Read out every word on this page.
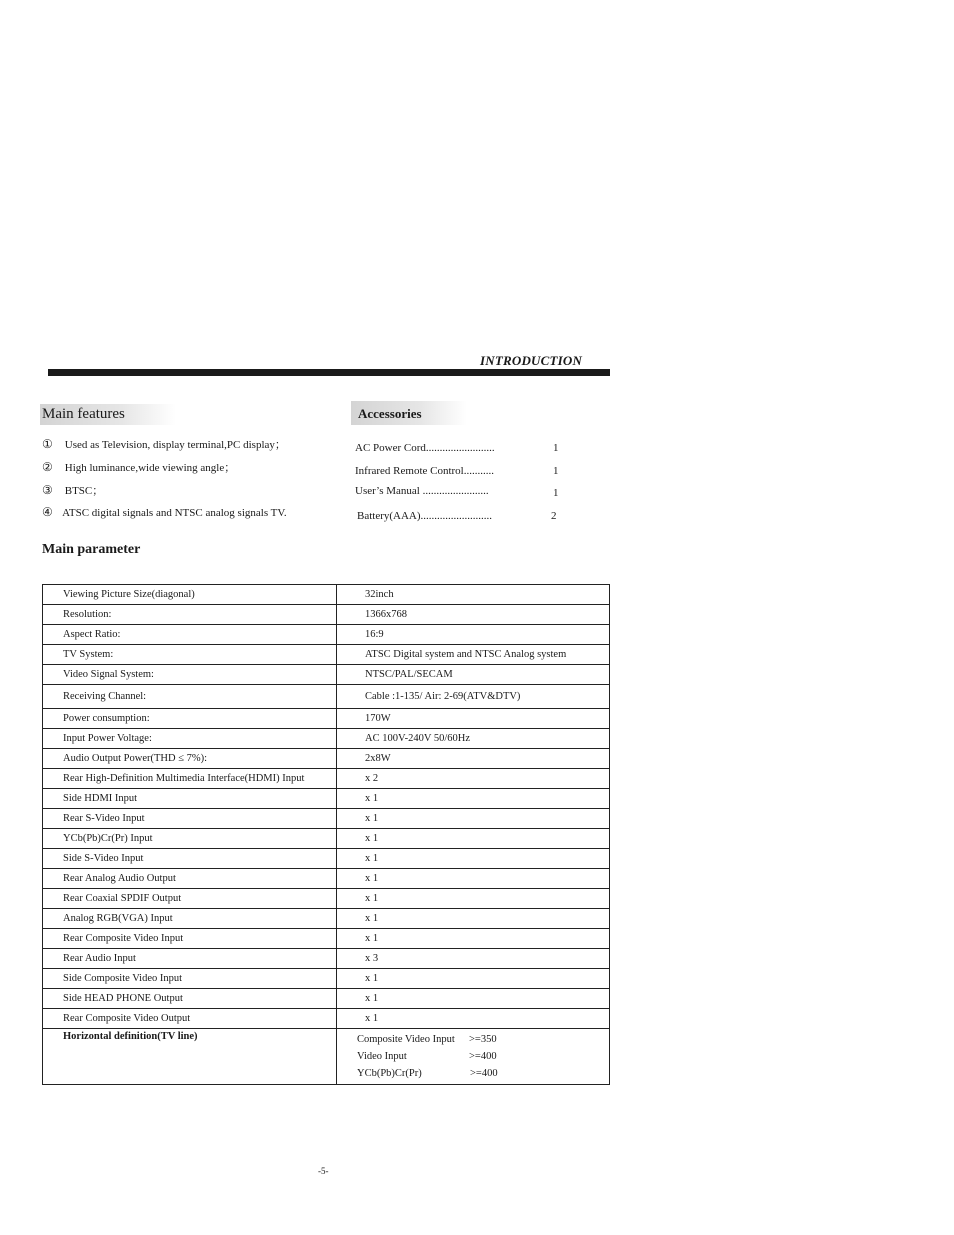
INTRODUCTION
Main features
① Used as Television, display terminal,PC display；
② High luminance,wide viewing angle；
③ BTSC；
④ ATSC digital signals and NTSC analog signals TV.
Accessories
AC Power Cord.........................	1
Infrared Remote Control...........	1
User’s Manual ........................	1
Battery(AAA)..........................	2
Main parameter
Viewing Picture Size(diagonal)	32inch
Resolution:	1366x768
Aspect Ratio:	16:9
TV System:	ATSC Digital system and NTSC Analog system
Video Signal System:	NTSC/PAL/SECAM
Receiving Channel:	Cable :1-135/ Air: 2-69(ATV&DTV)
Power consumption:	170W
Input Power Voltage:	AC 100V-240V 50/60Hz
Audio Output Power(THD ≤ 7%):	2x8W
Rear High-Definition Multimedia Interface(HDMI) Input	x 2
Side HDMI Input	x 1
Rear S-Video Input	x 1
YCb(Pb)Cr(Pr) Input	x 1
Side S-Video Input	x 1
Rear Analog Audio Output	x 1
Rear Coaxial SPDIF Output	x 1
Analog RGB(VGA) Input	x 1
Rear Composite Video Input	x 1
Rear Audio Input	x 3
Side Composite Video Input	x 1
Side HEAD PHONE Output	x 1
Rear Composite Video Output	x 1
Horizontal definition(TV line)	Composite Video Input >=350
Video Input >=400
YCb(Pb)Cr(Pr) >=400
-5-
